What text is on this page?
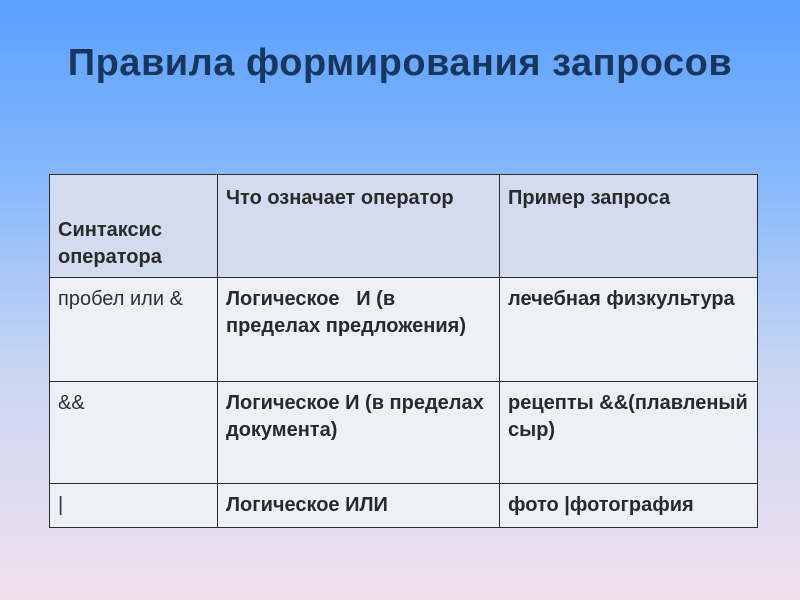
Правила формирования запросов
Синтаксис оператора	Что означает оператор	Пример запроса
пробел или &	Логическое   И (в пределах предложения)	лечебная физкультура
&&	Логическое И (в пределах документа)	рецепты &&(плавленый сыр)
|	Логическое ИЛИ	фото |фотография
